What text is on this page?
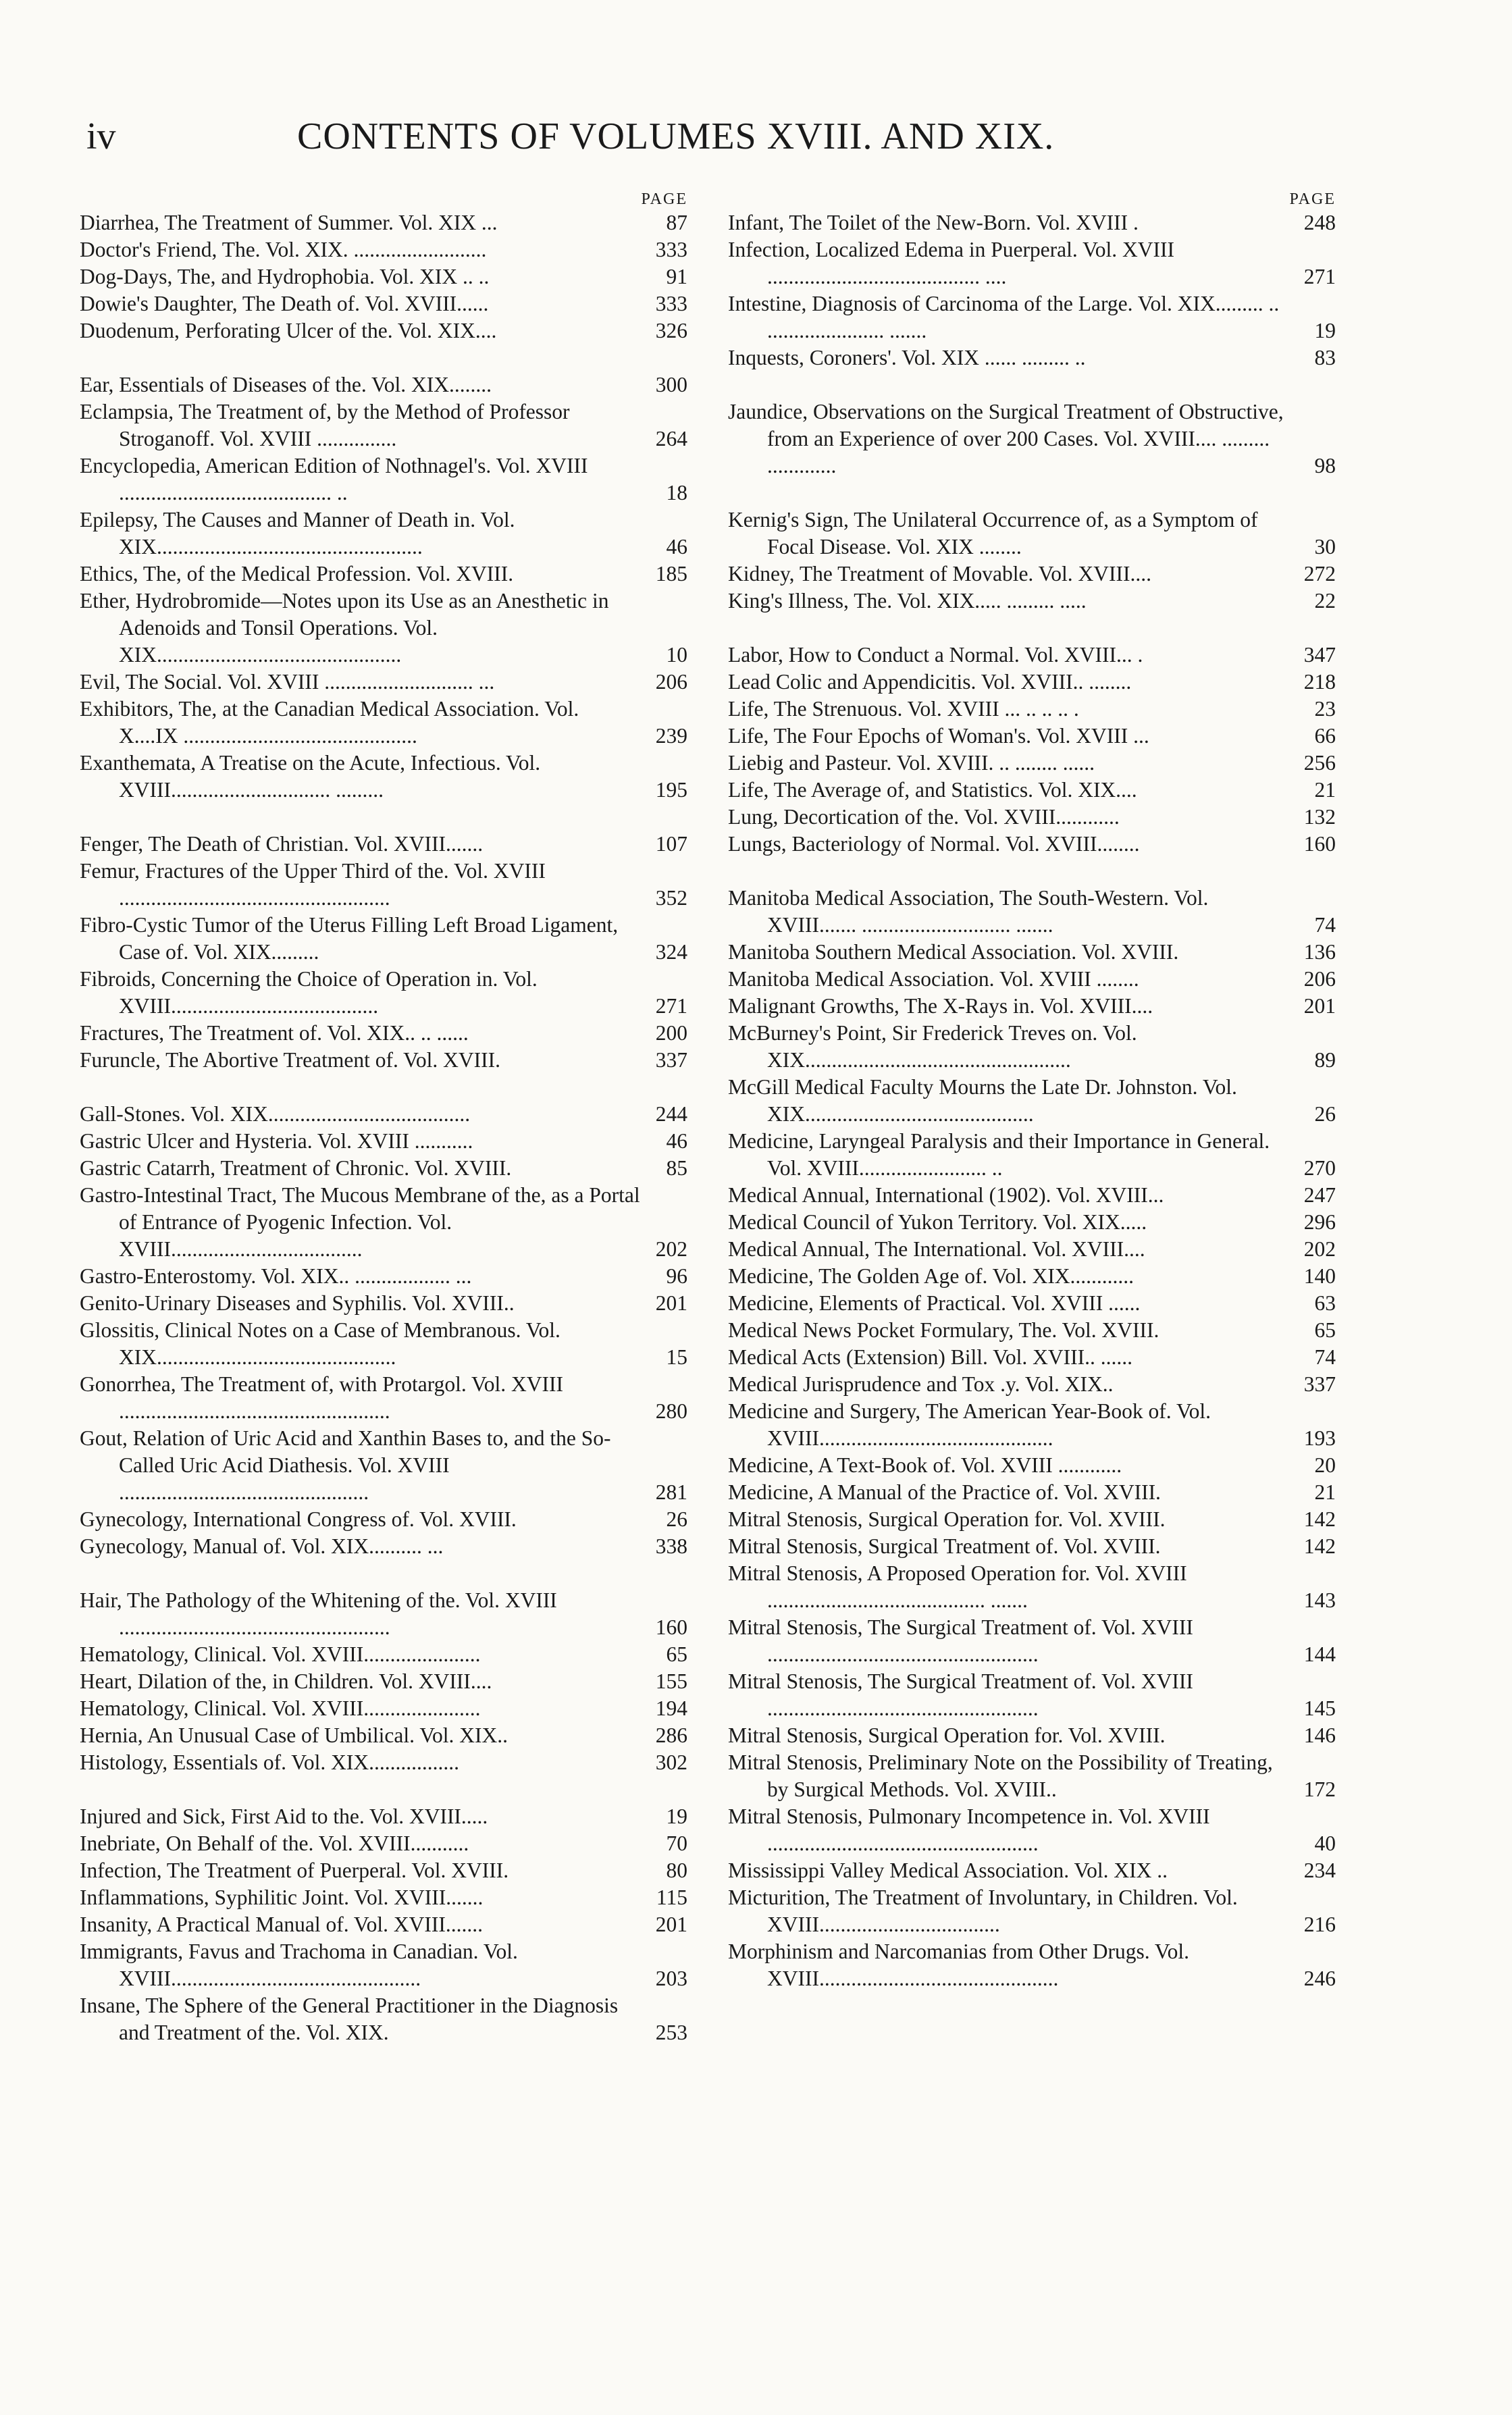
iv	CONTENTS OF VOLUMES XVIII. AND XIX.
PAGE
Diarrhea, The Treatment of Summer. Vol. XIX ...	87
Doctor's Friend, The. Vol. XIX. .........................	333
Dog-Days, The, and Hydrophobia. Vol. XIX .. ..	91
Dowie's Daughter, The Death of. Vol. XVIII......	333
Duodenum, Perforating Ulcer of the. Vol. XIX....	326
Ear, Essentials of Diseases of the. Vol. XIX........	300
Eclampsia, The Treatment of, by the Method of Professor Stroganoff. Vol. XVIII ...............	264
Encyclopedia, American Edition of Nothnagel's. Vol. XVIII ........................................ ..	18
Epilepsy, The Causes and Manner of Death in. Vol. XIX..................................................	46
Ethics, The, of the Medical Profession. Vol. XVIII.	185
Ether, Hydrobromide—Notes upon its Use as an Anesthetic in Adenoids and Tonsil Operations. Vol. XIX..............................................	10
Evil, The Social. Vol. XVIII ............................ ...	206
Exhibitors, The, at the Canadian Medical Association. Vol. X....IX ............................................	239
Exanthemata, A Treatise on the Acute, Infectious. Vol. XVIII.............................. .........	195
Fenger, The Death of Christian. Vol. XVIII.......	107
Femur, Fractures of the Upper Third of the. Vol. XVIII ...................................................	352
Fibro-Cystic Tumor of the Uterus Filling Left Broad Ligament, Case of. Vol. XIX.........	324
Fibroids, Concerning the Choice of Operation in. Vol. XVIII.......................................	271
Fractures, The Treatment of. Vol. XIX.. .. ......	200
Furuncle, The Abortive Treatment of. Vol. XVIII.	337
Gall-Stones. Vol. XIX......................................	244
Gastric Ulcer and Hysteria. Vol. XVIII ...........	46
Gastric Catarrh, Treatment of Chronic. Vol. XVIII.	85
Gastro-Intestinal Tract, The Mucous Membrane of the, as a Portal of Entrance of Pyogenic Infection. Vol. XVIII....................................	202
Gastro-Enterostomy. Vol. XIX.. .................. ...	96
Genito-Urinary Diseases and Syphilis. Vol. XVIII..	201
Glossitis, Clinical Notes on a Case of Membranous. Vol. XIX.............................................	15
Gonorrhea, The Treatment of, with Protargol. Vol. XVIII ...................................................	280
Gout, Relation of Uric Acid and Xanthin Bases to, and the So-Called Uric Acid Diathesis. Vol. XVIII ...............................................	281
Gynecology, International Congress of. Vol. XVIII.	26
Gynecology, Manual of. Vol. XIX.......... ...	338
Hair, The Pathology of the Whitening of the. Vol. XVIII ...................................................	160
Hematology, Clinical. Vol. XVIII......................	65
Heart, Dilation of the, in Children. Vol. XVIII....	155
Hematology, Clinical. Vol. XVIII......................	194
Hernia, An Unusual Case of Umbilical. Vol. XIX..	286
Histology, Essentials of. Vol. XIX.................	302
Injured and Sick, First Aid to the. Vol. XVIII.....	19
Inebriate, On Behalf of the. Vol. XVIII...........	70
Infection, The Treatment of Puerperal. Vol. XVIII.	80
Inflammations, Syphilitic Joint. Vol. XVIII.......	115
Insanity, A Practical Manual of. Vol. XVIII.......	201
Immigrants, Favus and Trachoma in Canadian. Vol. XVIII...............................................	203
Insane, The Sphere of the General Practitioner in the Diagnosis and Treatment of the. Vol. XIX.	253
PAGE
Infant, The Toilet of the New-Born. Vol. XVIII .	248
Infection, Localized Edema in Puerperal. Vol. XVIII ........................................ ....	271
Intestine, Diagnosis of Carcinoma of the Large. Vol. XIX......... .. ...................... .......	19
Inquests, Coroners'. Vol. XIX ...... ......... ..	83
Jaundice, Observations on the Surgical Treatment of Obstructive, from an Experience of over 200 Cases. Vol. XVIII.... ......... .............	98
Kernig's Sign, The Unilateral Occurrence of, as a Symptom of Focal Disease. Vol. XIX ........	30
Kidney, The Treatment of Movable. Vol. XVIII....	272
King's Illness, The. Vol. XIX..... ......... .....	22
Labor, How to Conduct a Normal. Vol. XVIII... .	347
Lead Colic and Appendicitis. Vol. XVIII.. ........	218
Life, The Strenuous. Vol. XVIII ... .. .. .. .	23
Life, The Four Epochs of Woman's. Vol. XVIII ...	66
Liebig and Pasteur. Vol. XVIII. .. ........ ......	256
Life, The Average of, and Statistics. Vol. XIX....	21
Lung, Decortication of the. Vol. XVIII............	132
Lungs, Bacteriology of Normal. Vol. XVIII........	160
Manitoba Medical Association, The South-Western. Vol. XVIII....... ............................ .......	74
Manitoba Southern Medical Association. Vol. XVIII.	136
Manitoba Medical Association. Vol. XVIII ........	206
Malignant Growths, The X-Rays in. Vol. XVIII....	201
McBurney's Point, Sir Frederick Treves on. Vol. XIX..................................................	89
McGill Medical Faculty Mourns the Late Dr. Johnston. Vol. XIX...........................................	26
Medicine, Laryngeal Paralysis and their Importance in General. Vol. XVIII........................ ..	270
Medical Annual, International (1902). Vol. XVIII...	247
Medical Council of Yukon Territory. Vol. XIX.....	296
Medical Annual, The International. Vol. XVIII....	202
Medicine, The Golden Age of. Vol. XIX............	140
Medicine, Elements of Practical. Vol. XVIII ......	63
Medical News Pocket Formulary, The. Vol. XVIII.	65
Medical Acts (Extension) Bill. Vol. XVIII.. ......	74
Medical Jurisprudence and Tox .y. Vol. XIX..	337
Medicine and Surgery, The American Year-Book of. Vol. XVIII............................................	193
Medicine, A Text-Book of. Vol. XVIII ............	20
Medicine, A Manual of the Practice of. Vol. XVIII.	21
Mitral Stenosis, Surgical Operation for. Vol. XVIII.	142
Mitral Stenosis, Surgical Treatment of. Vol. XVIII.	142
Mitral Stenosis, A Proposed Operation for. Vol. XVIII ......................................... .......	143
Mitral Stenosis, The Surgical Treatment of. Vol. XVIII ...................................................	144
Mitral Stenosis, The Surgical Treatment of. Vol. XVIII ...................................................	145
Mitral Stenosis, Surgical Operation for. Vol. XVIII.	146
Mitral Stenosis, Preliminary Note on the Possibility of Treating, by Surgical Methods. Vol. XVIII..	172
Mitral Stenosis, Pulmonary Incompetence in. Vol. XVIII ...................................................	40
Mississippi Valley Medical Association. Vol. XIX ..	234
Micturition, The Treatment of Involuntary, in Children. Vol. XVIII..................................	216
Morphinism and Narcomanias from Other Drugs. Vol. XVIII.............................................	246
